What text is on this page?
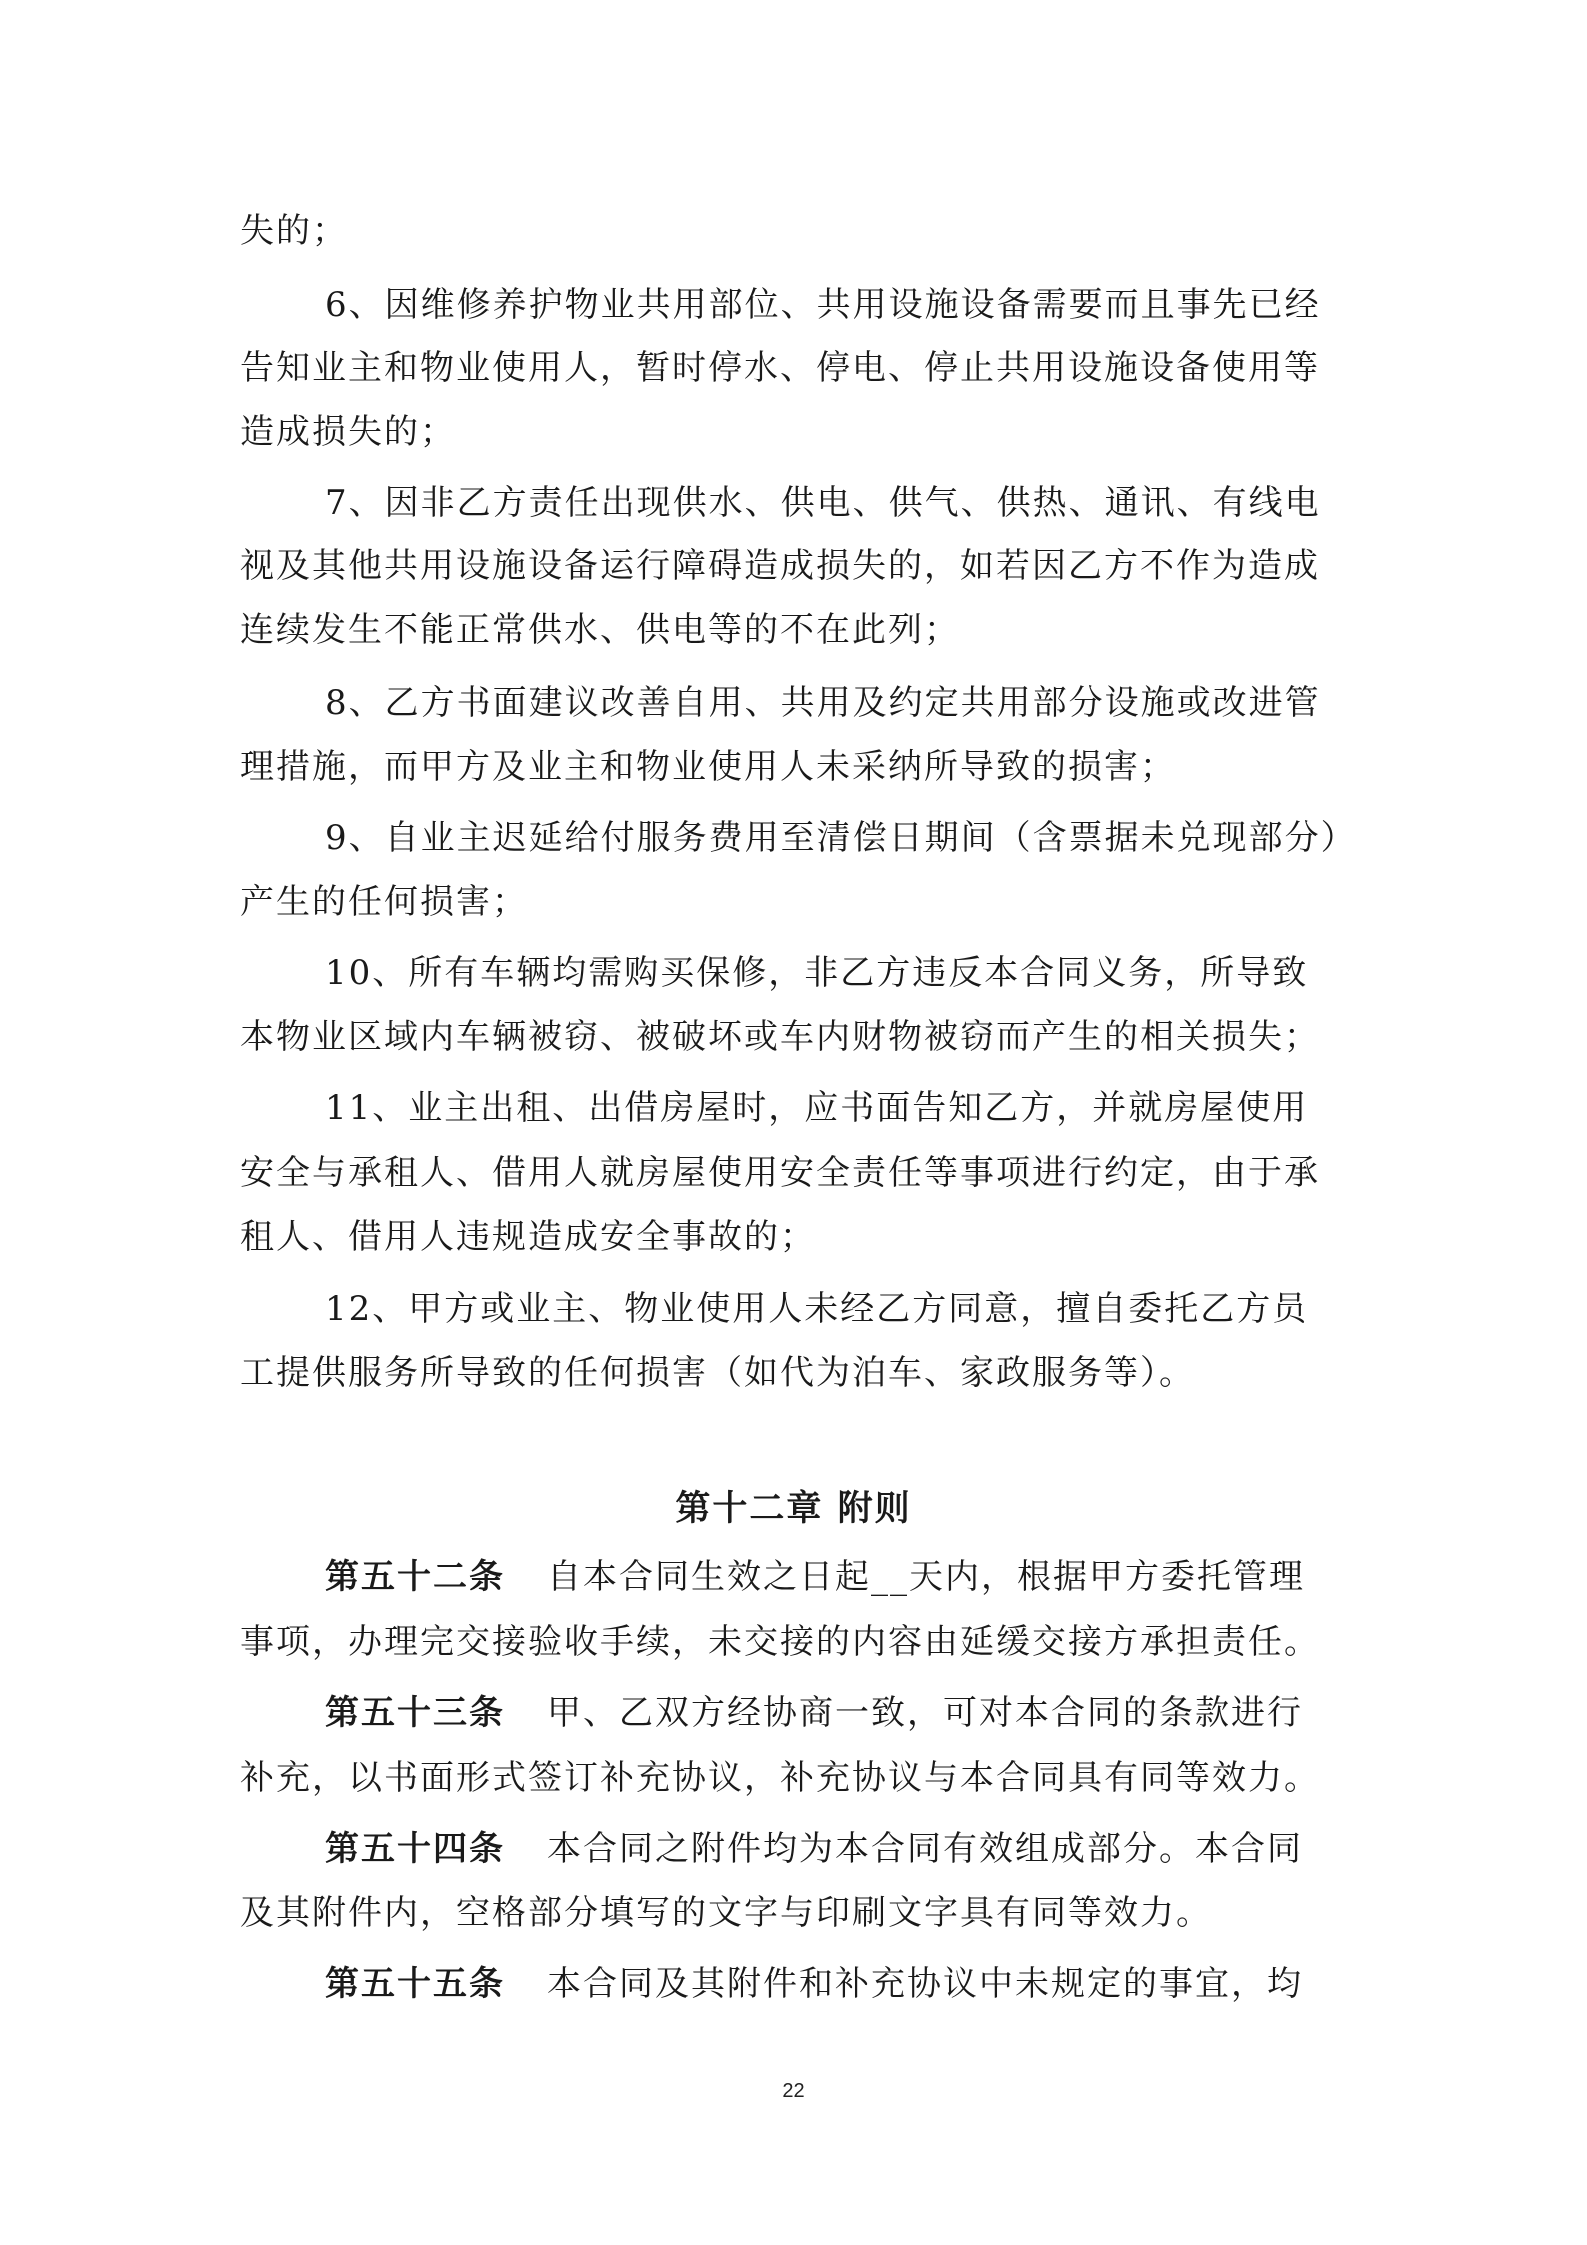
失的；
6、因维修养护物业共用部位、共用设施设备需要而且事先已经
告知业主和物业使用人，暂时停水、停电、停止共用设施设备使用等
造成损失的；
7、因非乙方责任出现供水、供电、供气、供热、通讯、有线电
视及其他共用设施设备运行障碍造成损失的，如若因乙方不作为造成
连续发生不能正常供水、供电等的不在此列；
8、乙方书面建议改善自用、共用及约定共用部分设施或改进管
理措施，而甲方及业主和物业使用人未采纳所导致的损害；
9、自业主迟延给付服务费用至清偿日期间（含票据未兑现部分）
产生的任何损害；
10、所有车辆均需购买保修，非乙方违反本合同义务，所导致
本物业区域内车辆被窃、被破坏或车内财物被窃而产生的相关损失；
11、业主出租、出借房屋时，应书面告知乙方，并就房屋使用
安全与承租人、借用人就房屋使用安全责任等事项进行约定，由于承
租人、借用人违规造成安全事故的；
12、甲方或业主、物业使用人未经乙方同意，擅自委托乙方员
工提供服务所导致的任何损害（如代为泊车、家政服务等）。
第十二章 附则
第五十二条 自本合同生效之日起__天内，根据甲方委托管理
事项，办理完交接验收手续，未交接的内容由延缓交接方承担责任。
第五十三条 甲、乙双方经协商一致，可对本合同的条款进行
补充，以书面形式签订补充协议，补充协议与本合同具有同等效力。
第五十四条 本合同之附件均为本合同有效组成部分。本合同
及其附件内，空格部分填写的文字与印刷文字具有同等效力。
第五十五条 本合同及其附件和补充协议中未规定的事宜，均
22
